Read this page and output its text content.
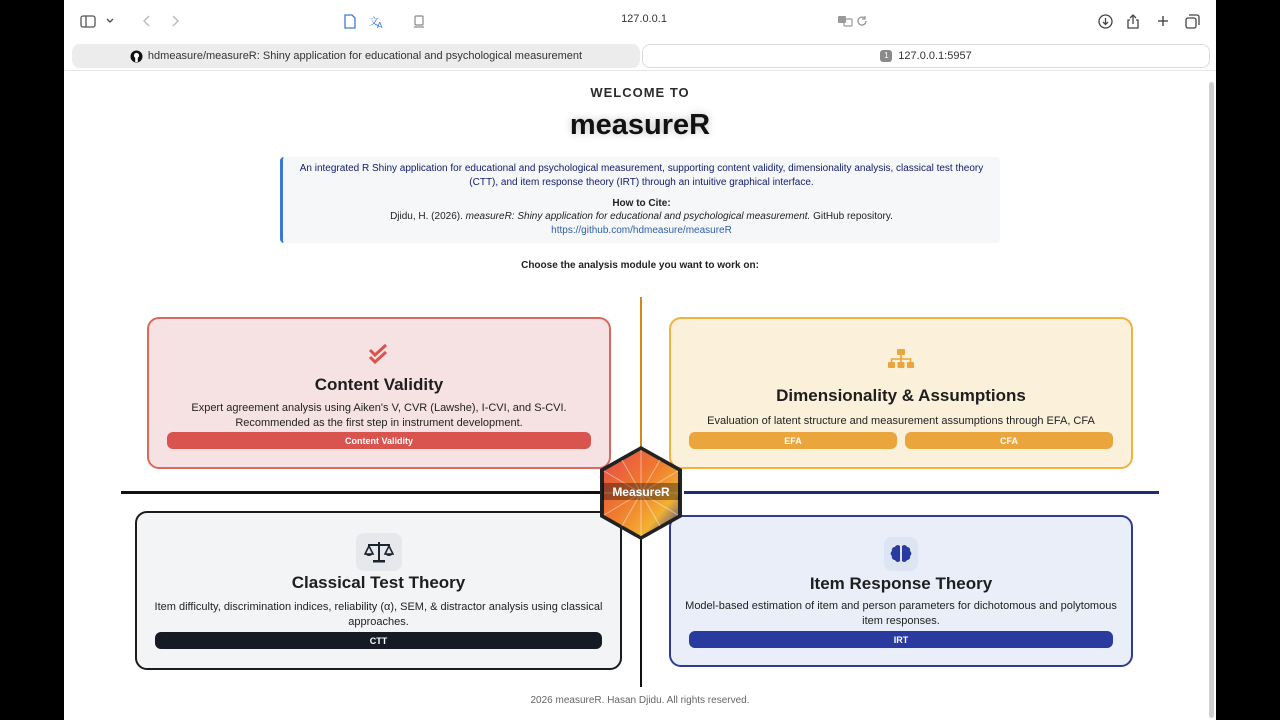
文
A	127.0.0.1
hdmeasure/measureR: Shiny application for educational and psychological measurement	1 127.0.0.1:5957
WELCOME TO
measureR
An integrated R Shiny application for educational and psychological measurement, supporting content validity, dimensionality analysis, classical test theory (CTT), and item response theory (IRT) through an intuitive graphical interface.
How to Cite:
Djidu, H. (2026). measureR: Shiny application for educational and psychological measurement. GitHub repository.
https://github.com/hdmeasure/measureR
Choose the analysis module you want to work on:
Content Validity
Expert agreement analysis using Aiken's V, CVR (Lawshe), I-CVI, and S-CVI. Recommended as the first step in instrument development.
Content Validity
Dimensionality & Assumptions
Evaluation of latent structure and measurement assumptions through EFA, CFA
EFA	CFA
Classical Test Theory
Item difficulty, discrimination indices, reliability (α), SEM, & distractor analysis using classical approaches.
CTT
Item Response Theory
Model-based estimation of item and person parameters for dichotomous and polytomous item responses.
IRT
MeasureR
2026 measureR. Hasan Djidu. All rights reserved.
